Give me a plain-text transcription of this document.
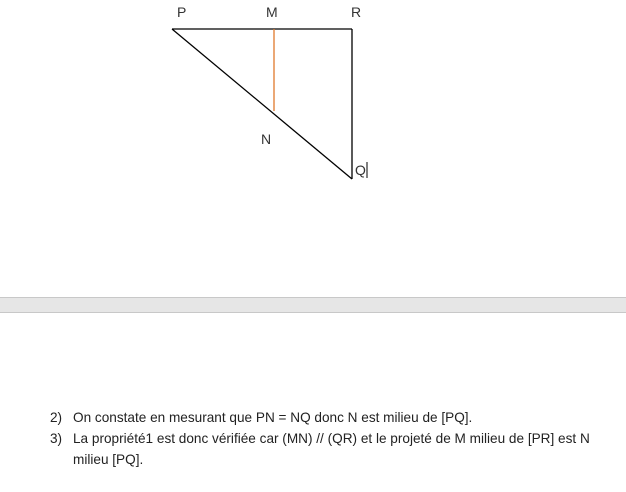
P	M	R
N
Q
2) On constate en mesurant que PN = NQ donc N est milieu de [PQ].
3) La propriété1 est donc vérifiée car (MN) // (QR) et le projeté de M milieu de [PR] est N milieu [PQ].
